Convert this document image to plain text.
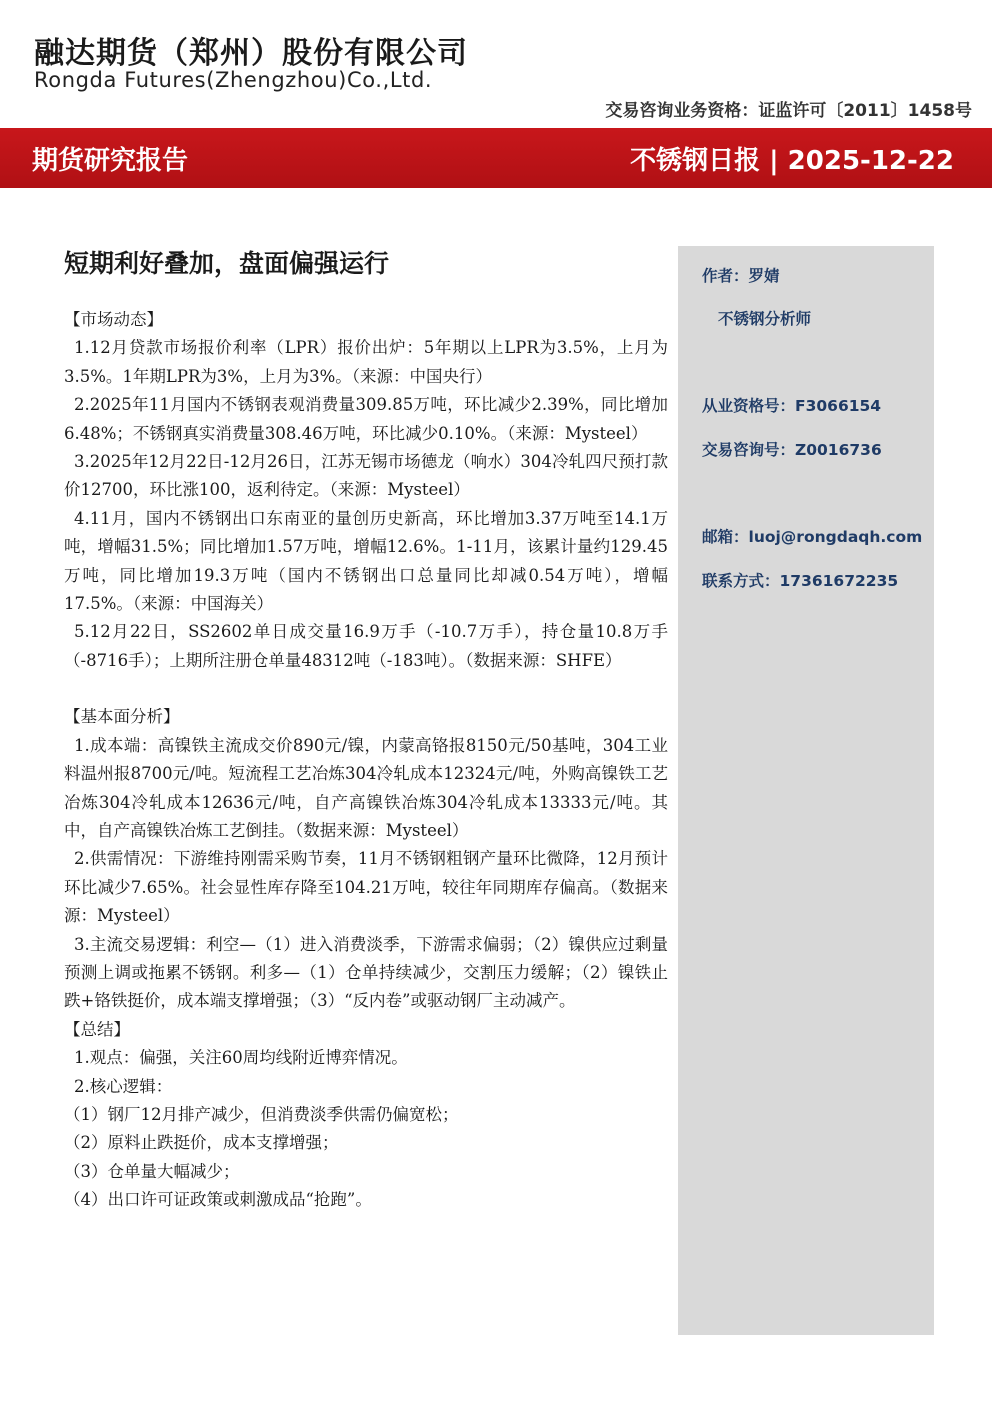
融达期货（郑州）股份有限公司
Rongda Futures(Zhengzhou)Co.,Ltd.
交易咨询业务资格：证监许可〔2011〕1458号
期货研究报告	不锈钢日报 | 2025-12-22
短期利好叠加，盘面偏强运行

【市场动态】

1.12月贷款市场报价利率（LPR）报价出炉：5年期以上LPR为3.5%，上月为3.5%。1年期LPR为3%，上月为3%。（来源：中国央行）

2.2025年11月国内不锈钢表观消费量309.85万吨，环比减少2.39%，同比增加6.48%；不锈钢真实消费量308.46万吨，环比减少0.10%。（来源：Mysteel）

3.2025年12月22日-12月26日，江苏无锡市场德龙（响水）304冷轧四尺预打款价12700，环比涨100，返利待定。（来源：Mysteel）

4.11月，国内不锈钢出口东南亚的量创历史新高，环比增加3.37万吨至14.1万吨，增幅31.5%；同比增加1.57万吨，增幅12.6%。1-11月，该累计量约129.45万吨，同比增加19.3万吨（国内不锈钢出口总量同比却减0.54万吨），增幅17.5%。（来源：中国海关）

5.12月22日，SS2602单日成交量16.9万手（-10.7万手），持仓量10.8万手（-8716手）；上期所注册仓单量48312吨（-183吨）。（数据来源：SHFE）

【基本面分析】

1.成本端：高镍铁主流成交价890元/镍，内蒙高铬报8150元/50基吨，304工业料温州报8700元/吨。短流程工艺冶炼304冷轧成本12324元/吨，外购高镍铁工艺冶炼304冷轧成本12636元/吨，自产高镍铁冶炼304冷轧成本13333元/吨。其中，自产高镍铁冶炼工艺倒挂。（数据来源：Mysteel）

2.供需情况：下游维持刚需采购节奏，11月不锈钢粗钢产量环比微降，12月预计环比减少7.65%。社会显性库存降至104.21万吨，较往年同期库存偏高。（数据来源：Mysteel）

3.主流交易逻辑：利空—（1）进入消费淡季，下游需求偏弱；（2）镍供应过剩量预测上调或拖累不锈钢。利多—（1）仓单持续减少，交割压力缓解；（2）镍铁止跌+铬铁挺价，成本端支撑增强；（3）“反内卷”或驱动钢厂主动减产。

【总结】

1.观点：偏强，关注60周均线附近博弈情况。

2.核心逻辑：

（1）钢厂12月排产减少，但消费淡季供需仍偏宽松；

（2）原料止跌挺价，成本支撑增强；

（3）仓单量大幅减少；

（4）出口许可证政策或刺激成品“抢跑”。

作者：罗婧
不锈钢分析师
从业资格号：F3066154
交易咨询号：Z0016736
邮箱：luoj@rongdaqh.com
联系方式：17361672235
